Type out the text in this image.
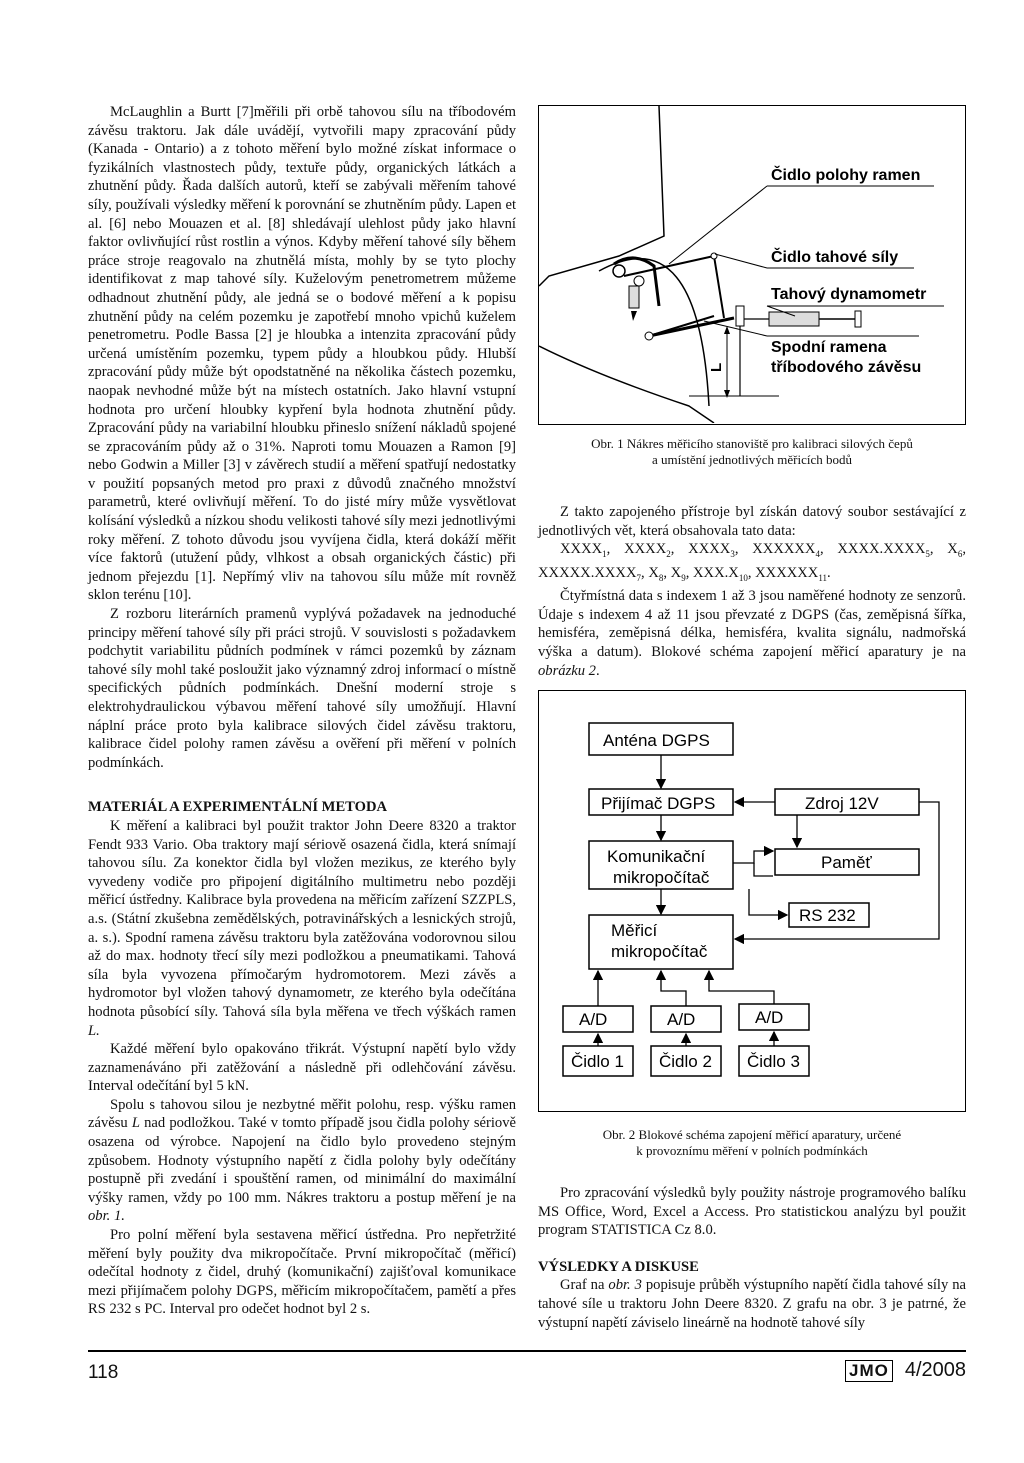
McLaughlin a Burtt [7]měřili při orbě tahovou sílu na tříbodovém závěsu traktoru. Jak dále uvádějí, vytvořili mapy zpracování půdy (Kanada - Ontario) a z tohoto měření bylo možné získat informace o fyzikálních vlastnostech půdy, textuře půdy, organických látkách a zhutnění půdy. Řada dalších autorů, kteří se zabývali měřením tahové síly, používali výsledky měření k porovnání se zhutněním půdy. Lapen et al. [6] nebo Mouazen et al. [8] shledávají ulehlost půdy jako hlavní faktor ovlivňující růst rostlin a výnos. Kdyby měření tahové síly během práce stroje reagovalo na zhutnělá místa, mohly by se tyto plochy identifikovat z map tahové síly. Kuželovým penetrometrem můžeme odhadnout zhutnění půdy, ale jedná se o bodové měření a k popisu zhutnění půdy na celém pozemku je zapotřebí mnoho vpichů kuželem penetrometru. Podle Bassa [2] je hloubka a intenzita zpracování půdy určená umístěním pozemku, typem půdy a hloubkou půdy. Hlubší zpracování půdy může být opodstatněné na několika částech pozemku, naopak nevhodné může být na místech ostatních. Jako hlavní vstupní hodnota pro určení hloubky kypření byla hodnota zhutnění půdy. Zpracování půdy na variabilní hloubku přineslo snížení nákladů spojené se zpracováním půdy až o 31%. Naproti tomu Mouazen a Ramon [9] nebo Godwin a Miller [3] v závěrech studií a měření spatřují nedostatky v použití popsaných metod pro praxi z důvodů značného množství parametrů, které ovlivňují měření. To do jisté míry může vysvětlovat kolísání výsledků a nízkou shodu velikosti tahové síly mezi jednotlivými roky měření. Z tohoto důvodu jsou vyvíjena čidla, která dokáží měřit více faktorů (utužení půdy, vlhkost a obsah organických částic) při jednom přejezdu [1]. Nepřímý vliv na tahovou sílu může mít rovněž sklon terénu [10].

Z rozboru literárních pramenů vyplývá požadavek na jednoduché principy měření tahové síly při práci strojů. V souvislosti s požadavkem podchytit variabilitu půdních podmínek v rámci pozemků by záznam tahové síly mohl také posloužit jako významný zdroj informací o místně specifických půdních podmínkách. Dnešní moderní stroje s elektrohydraulickou výbavou měření tahové síly umožňují. Hlavní náplní práce proto byla kalibrace silových čidel závěsu traktoru, kalibrace čidel polohy ramen závěsu a ověření při měření v polních podmínkách.

MATERIÁL A EXPERIMENTÁLNÍ METODA

K měření a kalibraci byl použit traktor John Deere 8320 a traktor Fendt 933 Vario. Oba traktory mají sériově osazená čidla, která snímají tahovou sílu. Za konektor čidla byl vložen mezikus, ze kterého byly vyvedeny vodiče pro připojení digitálního multimetru nebo později měřicí ústředny. Kalibrace byla provedena na měřicím zařízení SZZPLS, a.s. (Státní zkušebna zemědělských, potravinářských a lesnických strojů, a. s.). Spodní ramena závěsu traktoru byla zatěžována vodorovnou silou až do max. hodnoty třecí síly mezi podložkou a pneumatikami. Tahová síla byla vyvozena přímočarým hydromotorem. Mezi závěs a hydromotor byl vložen tahový dynamometr, ze kterého byla odečítána hodnota působící síly. Tahová síla byla měřena ve třech výškách ramen L.

Každé měření bylo opakováno třikrát. Výstupní napětí bylo vždy zaznamenáváno při zatěžování a následně při odlehčování závěsu. Interval odečítání byl 5 kN.

Spolu s tahovou silou je nezbytné měřit polohu, resp. výšku ramen závěsu L nad podložkou. Také v tomto případě jsou čidla polohy sériově osazena od výrobce. Napojení na čidlo bylo provedeno stejným způsobem. Hodnoty výstupního napětí z čidla polohy byly odečítány postupně při zvedání i spouštění ramen, od minimální do maximální výšky ramen, vždy po 100 mm. Nákres traktoru a postup měření je na obr. 1.

Pro polní měření byla sestavena měřicí ústředna. Pro nepřetržité měření byly použity dva mikropočítače. První mikropočítač (měřicí) odečítal hodnoty z čidel, druhý (komunikační) zajišťoval komunikace mezi přijímačem polohy DGPS, měřicím mikropočítačem, pamětí a přes RS 232 s PC. Interval pro odečet hodnot byl 2 s.

L
Čidlo polohy ramen
Čidlo tahové síly
Tahový dynamometr
Spodní ramena
tříbodového závěsu
Obr. 1 Nákres měřicího stanoviště pro kalibraci silových čepů
a umístění jednotlivých měřicích bodů

Z takto zapojeného přístroje byl získán datový soubor sestávající z jednotlivých vět, která obsahovala tato data:

$XXXX_1$, $XXXX_2$, $XXXX_3$, $XXXXXX_4$, $XXXX.XXXX_5$, $X_6$, $XXXXX.XXXX_7$, $X_8$, $X_9$, $XXX.X_{10}$, $XXXXXX_{11}$.

Čtyřmístná data s indexem 1 až 3 jsou naměřené hodnoty ze senzorů. Údaje s indexem 4 až 11 jsou převzaté z DGPS (čas, zeměpisná šířka, hemisféra, zeměpisná délka, hemisféra, kvalita signálu, nadmořská výška a datum). Blokové schéma zapojení měřicí aparatury je na obrázku 2.

Anténa DGPS
Přijímač DGPS	Zdroj 12V
Komunikační
mikropočítač
Paměť
RS 232
Měřicí
mikropočítač
A/D	A/D	A/D
Čidlo 1 Čidlo 2 Čidlo 3
Obr. 2 Blokové schéma zapojení měřicí aparatury, určené
k provoznímu měření v polních podmínkách

Pro zpracování výsledků byly použity nástroje programového balíku MS Office, Word, Excel a Access. Pro statistickou analýzu byl použit program STATISTICA Cz 8.0.

VÝSLEDKY A DISKUSE

Graf na obr. 3 popisuje průběh výstupního napětí čidla tahové síly na tahové síle u traktoru John Deere 8320. Z grafu na obr. 3 je patrné, že výstupní napětí záviselo lineárně na hodnotě tahové síly

118	JMO 4/2008
